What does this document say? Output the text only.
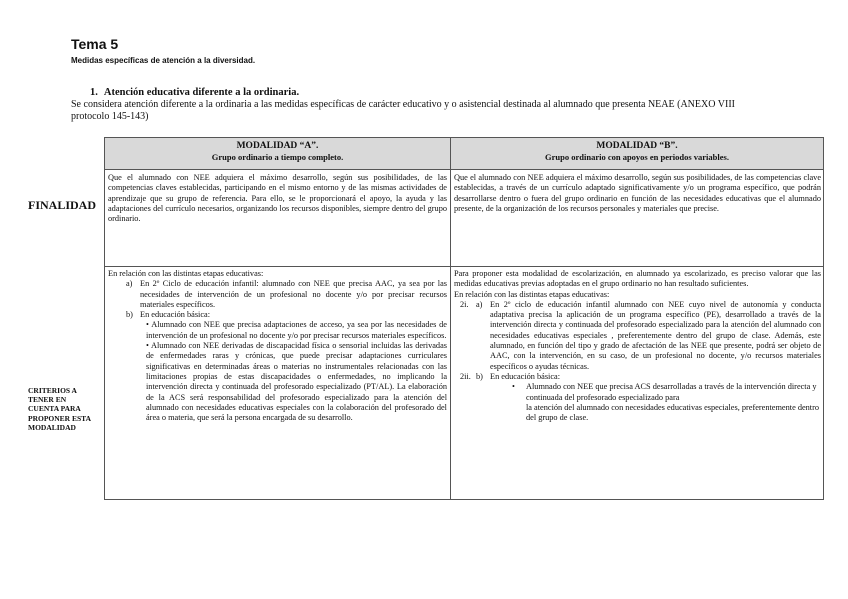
Tema 5
Medidas específicas de atención a la diversidad.
1. Atención educativa diferente a la ordinaria.
Se considera atención diferente a la ordinaria a las medidas específicas de carácter educativo y o asistencial destinada al alumnado que presenta NEAE (ANEXO VIII protocolo 145-143)
FINALIDAD
CRITERIOS A TENER EN CUENTA PARA PROPONER ESTA MODALIDAD
MODALIDAD “A”.
Grupo ordinario a tiempo completo.
MODALIDAD “B”.
Grupo ordinario con apoyos en periodos variables.
Que el alumnado con NEE adquiera el máximo desarrollo, según sus posibilidades, de las competencias claves establecidas, participando en el mismo entorno y de las mismas actividades de aprendizaje que su grupo de referencia. Para ello, se le proporcionará el apoyo, la ayuda y las adaptaciones del currículo necesarios, organizando los recursos disponibles, siempre dentro del grupo ordinario.
Que el alumnado con NEE adquiera el máximo desarrollo, según sus posibilidades, de las competencias clave establecidas, a través de un currículo adaptado significativamente y/o un programa específico, que podrán desarrollarse dentro o fuera del grupo ordinario en función de las necesidades educativas que el alumnado presente, de la organización de los recursos personales y materiales que precise.
En relación con las distintas etapas educativas:
a) En 2º Ciclo de educación infantil: alumnado con NEE que precisa AAC, ya sea por las necesidades de intervención de un profesional no docente y/o por precisar recursos materiales específicos.
b) En educación básica:
• Alumnado con NEE que precisa adaptaciones de acceso, ya sea por las necesidades de intervención de un profesional no docente y/o por precisar recursos materiales específicos.
• Alumnado con NEE derivadas de discapacidad física o sensorial incluidas las derivadas de enfermedades raras y crónicas, que puede precisar adaptaciones curriculares significativas en determinadas áreas o materias no instrumentales relacionadas con las limitaciones propias de estas discapacidades o enfermedades, no implicando la intervención directa y continuada del profesorado especializado (PT/AL). La elaboración de la ACS será responsabilidad del profesorado especializado para la atención del alumnado con necesidades educativas especiales con la colaboración del profesorado del área o materia, que será la persona encargada de su desarrollo.
Para proponer esta modalidad de escolarización, en alumnado ya escolarizado, es preciso valorar que las medidas educativas previas adoptadas en el grupo ordinario no han resultado suficientes.
En relación con las distintas etapas educativas:
2i. a) En 2º ciclo de educación infantil alumnado con NEE cuyo nivel de autonomía y conducta adaptativa precisa la aplicación de un programa específico (PE), desarrollado a través de la intervención directa y continuada del profesorado especializado para la atención del alumnado con necesidades educativas especiales , preferentemente dentro del grupo de clase. Además, este alumnado, en función del tipo y grado de afectación de las NEE que presente, podrá ser objeto de AAC, con la intervención, en su caso, de un profesional no docente, y/o recursos materiales específicos o ayudas técnicas.
2ii. b) En educación básica:
• Alumnado con NEE que precisa ACS desarrolladas a través de la intervención directa y continuada del profesorado especializado para
la atención del alumnado con necesidades educativas especiales, preferentemente dentro del grupo de clase.
